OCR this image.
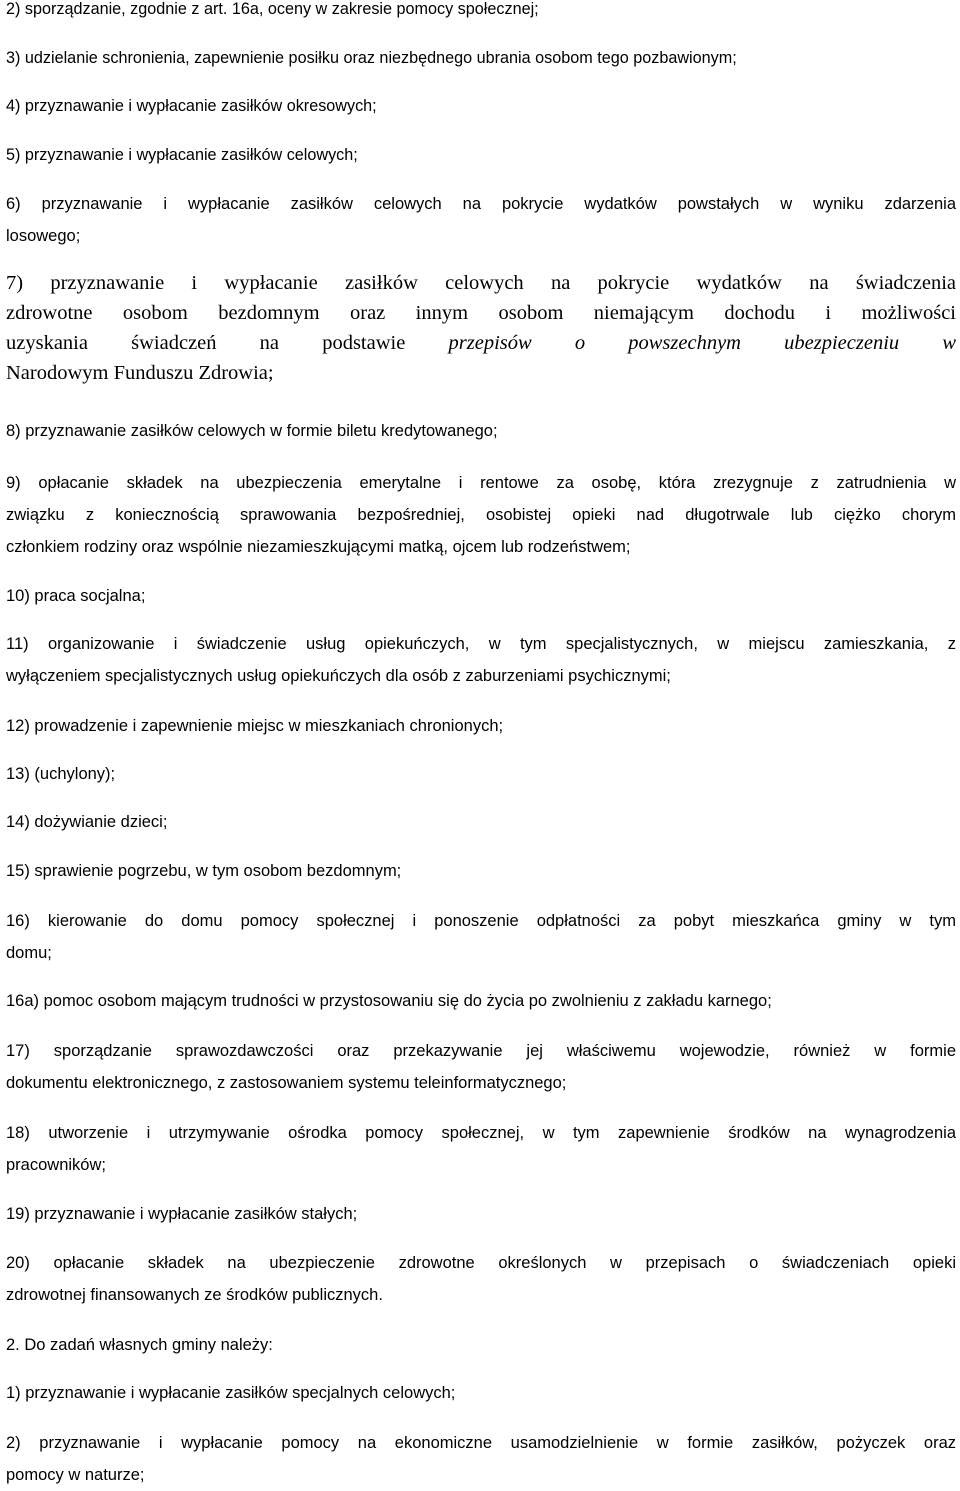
2) sporządzanie, zgodnie z art. 16a, oceny w zakresie pomocy społecznej;

3) udzielanie schronienia, zapewnienie posiłku oraz niezbędnego ubrania osobom tego pozbawionym;

4) przyznawanie i wypłacanie zasiłków okresowych;

5) przyznawanie i wypłacanie zasiłków celowych;

6) przyznawanie i wypłacanie zasiłków celowych na pokrycie wydatków powstałych w wyniku zdarzenia
losowego;

7) przyznawanie i wypłacanie zasiłków celowych na pokrycie wydatków na świadczenia
zdrowotne osobom bezdomnym oraz innym osobom niemającym dochodu i możliwości
uzyskania świadczeń na podstawie przepisów o powszechnym ubezpieczeniu w
Narodowym Funduszu Zdrowia;

8) przyznawanie zasiłków celowych w formie biletu kredytowanego;

9) opłacanie składek na ubezpieczenia emerytalne i rentowe za osobę, która zrezygnuje z zatrudnienia w
związku z koniecznością sprawowania bezpośredniej, osobistej opieki nad długotrwale lub ciężko chorym
członkiem rodziny oraz wspólnie niezamieszkującymi matką, ojcem lub rodzeństwem;

10) praca socjalna;

11) organizowanie i świadczenie usług opiekuńczych, w tym specjalistycznych, w miejscu zamieszkania, z
wyłączeniem specjalistycznych usług opiekuńczych dla osób z zaburzeniami psychicznymi;

12) prowadzenie i zapewnienie miejsc w mieszkaniach chronionych;

13) (uchylony);

14) dożywianie dzieci;

15) sprawienie pogrzebu, w tym osobom bezdomnym;

16) kierowanie do domu pomocy społecznej i ponoszenie odpłatności za pobyt mieszkańca gminy w tym
domu;

16a) pomoc osobom mającym trudności w przystosowaniu się do życia po zwolnieniu z zakładu karnego;

17) sporządzanie sprawozdawczości oraz przekazywanie jej właściwemu wojewodzie, również w formie
dokumentu elektronicznego, z zastosowaniem systemu teleinformatycznego;

18) utworzenie i utrzymywanie ośrodka pomocy społecznej, w tym zapewnienie środków na wynagrodzenia
pracowników;

19) przyznawanie i wypłacanie zasiłków stałych;

20) opłacanie składek na ubezpieczenie zdrowotne określonych w przepisach o świadczeniach opieki
zdrowotnej finansowanych ze środków publicznych.

2. Do zadań własnych gminy należy:

1) przyznawanie i wypłacanie zasiłków specjalnych celowych;

2) przyznawanie i wypłacanie pomocy na ekonomiczne usamodzielnienie w formie zasiłków, pożyczek oraz
pomocy w naturze;
